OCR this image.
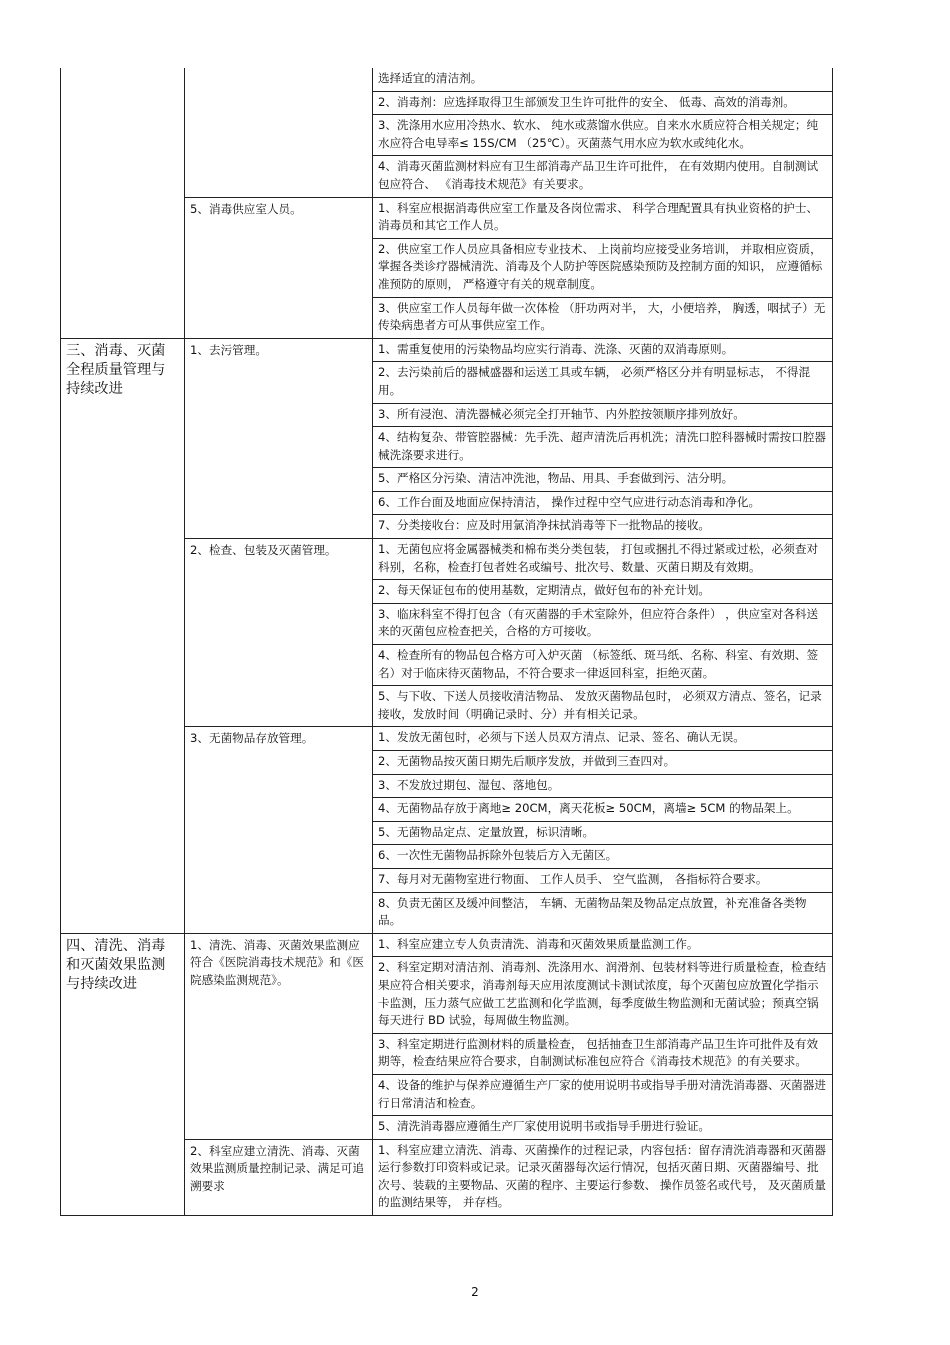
		选择适宜的清洁剂。
		2、消毒剂：应选择取得卫生部颁发卫生许可批件的安全、 低毒、高效的消毒剂。
		3、洗涤用水应用冷热水、软水、 纯水或蒸馏水供应。自来水水质应符合相关规定；纯水应符合电导率≤ 15S/CM （25℃）。灭菌蒸气用水应为软水或纯化水。
		4、消毒灭菌监测材料应有卫生部消毒产品卫生许可批件， 在有效期内使用。自制测试包应符合、 《消毒技术规范》有关要求。
	5、消毒供应室人员。	1、科室应根据消毒供应室工作量及各岗位需求、 科学合理配置具有执业资格的护士、消毒员和其它工作人员。
		2、供应室工作人员应具备相应专业技术、 上岗前均应接受业务培训， 并取相应资质，掌握各类诊疗器械清洗、消毒及个人防护等医院感染预防及控制方面的知识， 应遵循标准预防的原则， 严格遵守有关的规章制度。
		3、供应室工作人员每年做一次体检 （肝功两对半， 大，小便培养， 胸透，咽拭子）无传染病患者方可从事供应室工作。
三、消毒、灭菌全程质量管理与持续改进	1、去污管理。	1、需重复使用的污染物品均应实行消毒、洗涤、灭菌的双消毒原则。
		2、去污染前后的器械盛器和运送工具或车辆， 必须严格区分并有明显标志， 不得混用。
		3、所有浸泡、清洗器械必须完全打开轴节、内外腔按领顺序排列放好。
		4、结构复杂、带管腔器械：先手洗、超声清洗后再机洗；清洗口腔科器械时需按口腔器械洗涤要求进行。
		5、严格区分污染、清洁冲洗池，物品、用具、手套做到污、洁分明。
		6、工作台面及地面应保持清洁， 操作过程中空气应进行动态消毒和净化。
		7、分类接收台：应及时用氯消净抹拭消毒等下一批物品的接收。
	2、检查、包装及灭菌管理。	1、无菌包应将金属器械类和棉布类分类包装， 打包或捆扎不得过紧或过松，必须查对科别，名称，检查打包者姓名或编号、批次号、数量、灭菌日期及有效期。
		2、每天保证包布的使用基数，定期清点，做好包布的补充计划。
		3、临床科室不得打包含（有灭菌器的手术室除外，但应符合条件） ，供应室对各科送来的灭菌包应检查把关，合格的方可接收。
		4、检查所有的物品包合格方可入炉灭菌 （标签纸、斑马纸、名称、科室、有效期、签名）对于临床待灭菌物品，不符合要求一律返回科室，拒绝灭菌。
		5、与下收、下送人员接收清洁物品、 发放灭菌物品包时， 必须双方清点、签名，记录接收，发放时间（明确记录时、分）并有相关记录。
	3、无菌物品存放管理。	1、发放无菌包时，必须与下送人员双方清点、记录、签名、确认无误。
		2、无菌物品按灭菌日期先后顺序发放，并做到三查四对。
		3、不发放过期包、湿包、落地包。
		4、无菌物品存放于离地≥ 20CM，离天花板≥ 50CM，离墙≥ 5CM 的物品架上。
		5、无菌物品定点、定量放置，标识清晰。
		6、一次性无菌物品拆除外包装后方入无菌区。
		7、每月对无菌物室进行物面、 工作人员手、 空气监测， 各指标符合要求。
		8、负责无菌区及缓冲间整洁， 车辆、无菌物品架及物品定点放置，补充准备各类物品。
四、清洗、消毒和灭菌效果监测与持续改进	1、清洗、消毒、灭菌效果监测应符合《医院消毒技术规范》和《医院感染监测规范》。	1、科室应建立专人负责清洗、消毒和灭菌效果质量监测工作。
		2、科室定期对清洁剂、消毒剂、洗涤用水、润滑剂、包装材料等进行质量检查，检查结果应符合相关要求，消毒剂每天应用浓度测试卡测试浓度，每个灭菌包应放置化学指示卡监测，压力蒸气应做工艺监测和化学监测，每季度做生物监测和无菌试验；预真空锅每天进行 BD 试验，每周做生物监测。
		3、科室定期进行监测材料的质量检查， 包括抽查卫生部消毒产品卫生许可批件及有效期等，检查结果应符合要求，自制测试标准包应符合《消毒技术规范》的有关要求。
		4、设备的维护与保养应遵循生产厂家的使用说明书或指导手册对清洗消毒器、灭菌器进行日常清洁和检查。
		5、清洗消毒器应遵循生产厂家使用说明书或指导手册进行验证。
	2、科室应建立清洗、消毒、灭菌效果监测质量控制记录、满足可追溯要求	1、科室应建立清洗、消毒、灭菌操作的过程记录，内容包括：留存清洗消毒器和灭菌器运行参数打印资料或记录。记录灭菌器每次运行情况，包括灭菌日期、灭菌器编号、批次号、装载的主要物品、灭菌的程序、主要运行参数、 操作员签名或代号， 及灭菌质量的监测结果等， 并存档。
2
